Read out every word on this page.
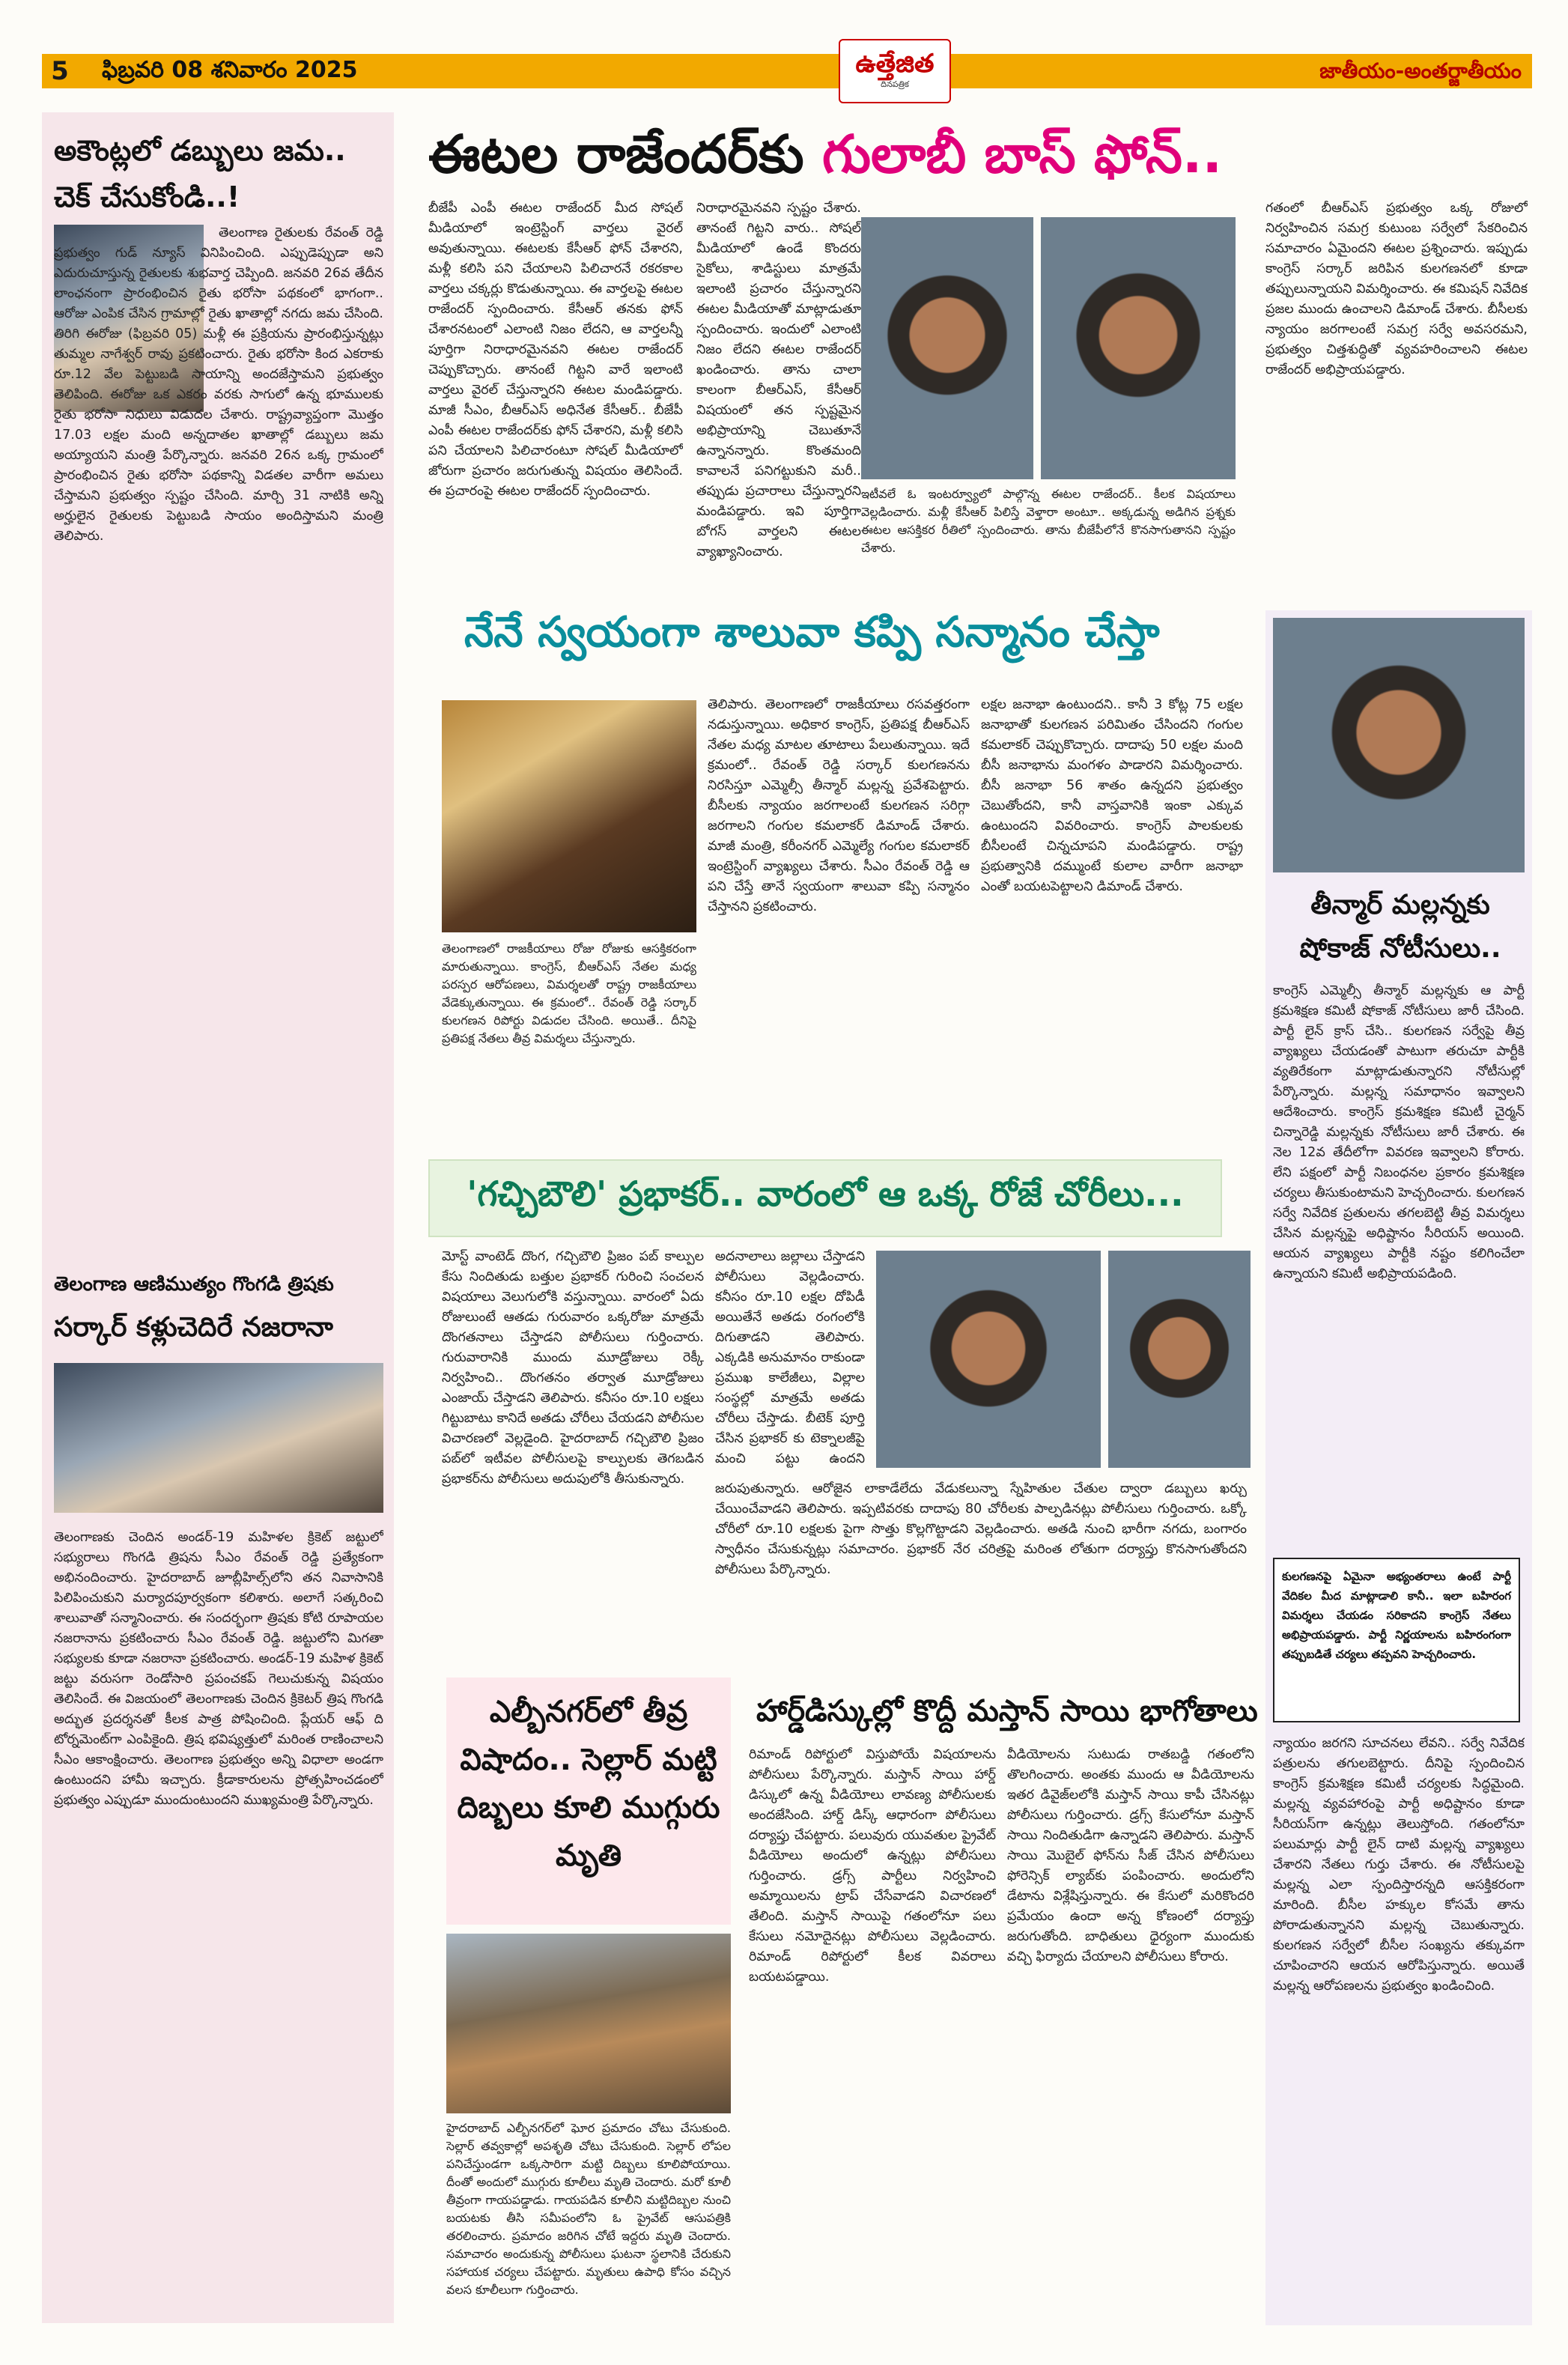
5	ఫిబ్రవరి 08 శనివారం 2025	ఉత్తేజిత
దినపత్రిక
జాతీయం-అంతర్జాతీయం
అకౌంట్లలో డబ్బులు జమ.. చెక్ చేసుకోండి..!
తెలంగాణ రైతులకు రేవంత్ రెడ్డి ప్రభుత్వం గుడ్ న్యూస్ వినిపించింది. ఎప్పుడెప్పుడా అని ఎదురుచూస్తున్న రైతులకు శుభవార్త చెప్పింది. జనవరి 26వ తేదీన లాంఛనంగా ప్రారంభించిన రైతు భరోసా పథకంలో భాగంగా.. ఆరోజు ఎంపిక చేసిన గ్రామాల్లో రైతు ఖాతాల్లో నగదు జమ చేసింది. తిరిగి ఈరోజు (ఫిబ్రవరి 05) మళ్లీ ఈ ప్రక్రియను ప్రారంభిస్తున్నట్లు తుమ్మల నాగేశ్వర్ రావు ప్రకటించారు. రైతు భరోసా కింద ఎకరాకు రూ.12 వేల పెట్టుబడి సాయాన్ని అందజేస్తామని ప్రభుత్వం తెలిపింది. ఈరోజు ఒక ఎకరం వరకు సాగులో ఉన్న భూములకు రైతు భరోసా నిధులు విడుదల చేశారు. రాష్ట్రవ్యాప్తంగా మొత్తం 17.03 లక్షల మంది అన్నదాతల ఖాతాల్లో డబ్బులు జమ అయ్యాయని మంత్రి పేర్కొన్నారు. జనవరి 26న ఒక్క గ్రామంలో ప్రారంభించిన రైతు భరోసా పథకాన్ని విడతల వారీగా అమలు చేస్తామని ప్రభుత్వం స్పష్టం చేసింది. మార్చి 31 నాటికి అన్ని అర్హులైన రైతులకు పెట్టుబడి సాయం అందిస్తామని మంత్రి తెలిపారు.
తెలంగాణ ఆణిముత్యం గొంగడి త్రిషకు
సర్కార్ కళ్లుచెదిరే నజరానా
తెలంగాణకు చెందిన అండర్-19 మహిళల క్రికెట్ జట్టులో సభ్యురాలు గొంగడి త్రిషను సీఎం రేవంత్ రెడ్డి ప్రత్యేకంగా అభినందించారు. హైదరాబాద్ జూబ్లీహిల్స్‌లోని తన నివాసానికి పిలిపించుకుని మర్యాదపూర్వకంగా కలిశారు. అలాగే సత్కరించి శాలువాతో సన్మానించారు. ఈ సందర్భంగా త్రిషకు కోటి రూపాయల నజరానాను ప్రకటించారు సీఎం రేవంత్ రెడ్డి. జట్టులోని మిగతా సభ్యులకు కూడా నజరానా ప్రకటించారు. అండర్-19 మహిళ క్రికెట్ జట్టు వరుసగా రెండోసారి ప్రపంచకప్ గెలుచుకున్న విషయం తెలిసిందే. ఈ విజయంలో తెలంగాణకు చెందిన క్రికెటర్ త్రిష గొంగడి అద్భుత ప్రదర్శనతో కీలక పాత్ర పోషించింది. ప్లేయర్ ఆఫ్ ది టోర్నమెంట్‌గా ఎంపికైంది. త్రిష భవిష్యత్తులో మరింత రాణించాలని సీఎం ఆకాంక్షించారు. తెలంగాణ ప్రభుత్వం అన్ని విధాలా అండగా ఉంటుందని హామీ ఇచ్చారు. క్రీడాకారులను ప్రోత్సహించడంలో ప్రభుత్వం ఎప్పుడూ ముందుంటుందని ముఖ్యమంత్రి పేర్కొన్నారు.
ఈటల రాజేందర్‌కు గులాబీ బాస్ ఫోన్..
బీజేపీ ఎంపీ ఈటల రాజేందర్ మీద సోషల్ మీడియాలో ఇంట్రెస్టింగ్ వార్తలు వైరల్ అవుతున్నాయి. ఈటలకు కేసీఆర్ ఫోన్ చేశారని, మళ్లీ కలిసి పని చేయాలని పిలిచారనే రకరకాల వార్తలు చక్కర్లు కొడుతున్నాయి. ఈ వార్తలపై ఈటల రాజేందర్ స్పందించారు. కేసీఆర్ తనకు ఫోన్ చేశారనటంలో ఎలాంటి నిజం లేదని, ఆ వార్తలన్నీ పూర్తిగా నిరాధారమైనవని ఈటల రాజేందర్ చెప్పుకొచ్చారు. తానంటే గిట్టని వారే ఇలాంటి వార్తలు వైరల్ చేస్తున్నారని ఈటల మండిపడ్డారు. మాజీ సీఎం, బీఆర్ఎస్ అధినేత కేసీఆర్.. బీజేపీ ఎంపీ ఈటల రాజేందర్‌కు ఫోన్ చేశారని, మళ్లీ కలిసి పని చేయాలని పిలిచారంటూ సోషల్ మీడియాలో జోరుగా ప్రచారం జరుగుతున్న విషయం తెలిసిందే. ఈ ప్రచారంపై ఈటల రాజేందర్ స్పందించారు.
నిరాధారమైనవని స్పష్టం చేశారు. తానంటే గిట్టని వారు.. సోషల్ మీడియాలో ఉండే కొందరు సైకోలు, శాడిస్టులు మాత్రమే ఇలాంటి ప్రచారం చేస్తున్నారని ఈటల మీడియాతో మాట్లాడుతూ స్పందించారు. ఇందులో ఎలాంటి నిజం లేదని ఈటల రాజేందర్ ఖండించారు. తాను చాలా కాలంగా బీఆర్ఎస్, కేసీఆర్ విషయంలో తన స్పష్టమైన అభిప్రాయాన్ని చెబుతూనే ఉన్నానన్నారు. కొంతమంది కావాలనే పనిగట్టుకుని మరీ.. తప్పుడు ప్రచారాలు చేస్తున్నారని మండిపడ్డారు. ఇవి పూర్తిగా బోగస్ వార్తలని ఈటల వ్యాఖ్యానించారు.
ఇటీవలే ఓ ఇంటర్వ్యూలో పాల్గొన్న ఈటల రాజేందర్.. కీలక విషయాలు వెల్లడించారు. మళ్లీ కేసీఆర్ పిలిస్తే వెళ్తారా అంటూ.. అక్కడున్న అడిగిన ప్రశ్నకు ఈటల ఆసక్తికర రీతిలో స్పందించారు. తాను బీజేపీలోనే కొనసాగుతానని స్పష్టం చేశారు.
గతంలో బీఆర్ఎస్ ప్రభుత్వం ఒక్క రోజులో నిర్వహించిన సమగ్ర కుటుంబ సర్వేలో సేకరించిన సమాచారం ఏమైందని ఈటల ప్రశ్నించారు. ఇప్పుడు కాంగ్రెస్ సర్కార్ జరిపిన కులగణనలో కూడా తప్పులున్నాయని విమర్శించారు. ఈ కమిషన్ నివేదిక ప్రజల ముందు ఉంచాలని డిమాండ్ చేశారు. బీసీలకు న్యాయం జరగాలంటే సమగ్ర సర్వే అవసరమని, ప్రభుత్వం చిత్తశుద్ధితో వ్యవహరించాలని ఈటల రాజేందర్ అభిప్రాయపడ్డారు.
నేనే స్వయంగా శాలువా కప్పి సన్మానం చేస్తా
తెలంగాణలో రాజకీయాలు రోజు రోజుకు ఆసక్తికరంగా మారుతున్నాయి. కాంగ్రెస్, బీఆర్ఎస్ నేతల మధ్య పరస్పర ఆరోపణలు, విమర్శలతో రాష్ట్ర రాజకీయాలు వేడెక్కుతున్నాయి. ఈ క్రమంలో.. రేవంత్ రెడ్డి సర్కార్ కులగణన రిపోర్టు విడుదల చేసింది. అయితే.. దీనిపై ప్రతిపక్ష నేతలు తీవ్ర విమర్శలు చేస్తున్నారు.
తెలిపారు. తెలంగాణలో రాజకీయాలు రసవత్తరంగా నడుస్తున్నాయి. అధికార కాంగ్రెస్, ప్రతిపక్ష బీఆర్ఎస్ నేతల మధ్య మాటల తూటాలు పేలుతున్నాయి. ఇదే క్రమంలో.. రేవంత్ రెడ్డి సర్కార్ కులగణనను నిరసిస్తూ ఎమ్మెల్సీ తీన్మార్ మల్లన్న ప్రవేశపెట్టారు. బీసీలకు న్యాయం జరగాలంటే కులగణన సరిగ్గా జరగాలని గంగుల కమలాకర్ డిమాండ్ చేశారు. మాజీ మంత్రి, కరీంనగర్ ఎమ్మెల్యే గంగుల కమలాకర్ ఇంట్రెస్టింగ్ వ్యాఖ్యలు చేశారు. సీఎం రేవంత్ రెడ్డి ఆ పని చేస్తే తానే స్వయంగా శాలువా కప్పి సన్మానం చేస్తానని ప్రకటించారు.
లక్షల జనాభా ఉంటుందని.. కానీ 3 కోట్ల 75 లక్షల జనాభాతో కులగణన పరిమితం చేసిందని గంగుల కమలాకర్ చెప్పుకొచ్చారు. దాదాపు 50 లక్షల మంది బీసీ జనాభాను మంగళం పాడారని విమర్శించారు. బీసీ జనాభా 56 శాతం ఉన్నదని ప్రభుత్వం చెబుతోందని, కానీ వాస్తవానికి ఇంకా ఎక్కువ ఉంటుందని వివరించారు. కాంగ్రెస్ పాలకులకు బీసీలంటే చిన్నచూపని మండిపడ్డారు. రాష్ట్ర ప్రభుత్వానికి దమ్ముంటే కులాల వారీగా జనాభా ఎంతో బయటపెట్టాలని డిమాండ్ చేశారు.
'గచ్చిబౌలి' ప్రభాకర్.. వారంలో ఆ ఒక్క రోజే చోరీలు...
మోస్ట్ వాంటెడ్ దొంగ, గచ్చిబౌలి ప్రిజం పబ్ కాల్పుల కేసు నిందితుడు బత్తుల ప్రభాకర్ గురించి సంచలన విషయాలు వెలుగులోకి వస్తున్నాయి. వారంలో ఏదు రోజులుంటే ఆతడు గురువారం ఒక్కరోజు మాత్రమే దొంగతనాలు చేస్తాడని పోలీసులు గుర్తించారు. గురువారానికి ముందు మూడ్రోజులు రెక్కీ నిర్వహించి.. దొంగతనం తర్వాత మూడ్రోజులు ఎంజాయ్ చేస్తాడని తెలిపారు. కనీసం రూ.10 లక్షలు గిట్టుబాటు కానిదే అతడు చోరీలు చేయడని పోలీసుల విచారణలో వెల్లడైంది. హైదరాబాద్ గచ్చిబౌలి ప్రిజం పబ్‌లో ఇటీవల పోలీసులపై కాల్పులకు తెగబడిన ప్రభాకర్‌ను పోలీసులు అదుపులోకి తీసుకున్నారు.
అదనాలాలు జల్లాలు చేస్తాడని పోలీసులు వెల్లడించారు. కనీసం రూ.10 లక్షల దోపిడీ అయితేనే అతడు రంగంలోకి దిగుతాడని తెలిపారు. ఎక్కడికి అనుమానం రాకుండా ప్రముఖ కాలేజీలు, విల్లాల సంస్థల్లో మాత్రమే అతడు చోరీలు చేస్తాడు. బీటెక్ పూర్తి చేసిన ప్రభాకర్ కు టెక్నాలజీపై మంచి పట్టు ఉందని
జరుపుతున్నారు. ఆరోజైన లాకాడేలేదు వేడుకలున్నా స్నేహితుల చేతుల ద్వారా డబ్బులు ఖర్చు చేయించేవాడని తెలిపారు. ఇప్పటివరకు దాదాపు 80 చోరీలకు పాల్పడినట్లు పోలీసులు గుర్తించారు. ఒక్కో చోరీలో రూ.10 లక్షలకు పైగా సొత్తు కొల్లగొట్టాడని వెల్లడించారు. అతడి నుంచి భారీగా నగదు, బంగారం స్వాధీనం చేసుకున్నట్లు సమాచారం. ప్రభాకర్ నేర చరిత్రపై మరింత లోతుగా దర్యాప్తు కొనసాగుతోందని పోలీసులు పేర్కొన్నారు.
ఎల్బీనగర్‌లో తీవ్ర విషాదం.. సెల్లార్ మట్టి దిబ్బలు కూలి ముగ్గురు మృతి
హైదరాబాద్ ఎల్బీనగర్‌లో ఘోర ప్రమాదం చోటు చేసుకుంది. సెల్లార్ తవ్వకాల్లో అపశృతి చోటు చేసుకుంది. సెల్లార్ లోపల పనిచేస్తుండగా ఒక్కసారిగా మట్టి దిబ్బలు కూలిపోయాయి. దీంతో అందులో ముగ్గురు కూలీలు మృతి చెందారు. మరో కూలీ తీవ్రంగా గాయపడ్డాడు. గాయపడిన కూలీని మట్టిదిబ్బల నుంచి బయటకు తీసి సమీపంలోని ఓ ప్రైవేట్ ఆసుపత్రికి తరలించారు. ప్రమాదం జరిగిన చోటే ఇద్దరు మృతి చెందారు. సమాచారం అందుకున్న పోలీసులు ఘటనా స్థలానికి చేరుకుని సహాయక చర్యలు చేపట్టారు. మృతులు ఉపాధి కోసం వచ్చిన వలస కూలీలుగా గుర్తించారు.
హార్డ్‌డిస్కుల్లో కొద్దీ మస్తాన్ సాయి భాగోతాలు
రిమాండ్ రిపోర్టులో విస్తుపోయే విషయాలను పోలీసులు పేర్కొన్నారు. మస్తాన్ సాయి హార్డ్ డిస్కులో ఉన్న వీడియోలు లావణ్య పోలీసులకు అందజేసింది. హార్డ్ డిస్క్ ఆధారంగా పోలీసులు దర్యాప్తు చేపట్టారు. పలువురు యువతుల ప్రైవేట్ వీడియోలు అందులో ఉన్నట్లు పోలీసులు గుర్తించారు. డ్రగ్స్ పార్టీలు నిర్వహించి అమ్మాయిలను ట్రాప్ చేసేవాడని విచారణలో తేలింది. మస్తాన్ సాయిపై గతంలోనూ పలు కేసులు నమోదైనట్లు పోలీసులు వెల్లడించారు. రిమాండ్ రిపోర్టులో కీలక వివరాలు బయటపడ్డాయి.
వీడియోలను సుటుడు రాతబడ్డి గతంలోని తొలగించారు. అంతకు ముందు ఆ వీడియోలను ఇతర డివైజ్‌లలోకి మస్తాన్ సాయి కాపీ చేసినట్లు పోలీసులు గుర్తించారు. డ్రగ్స్ కేసులోనూ మస్తాన్ సాయి నిందితుడిగా ఉన్నాడని తెలిపారు. మస్తాన్ సాయి మొబైల్ ఫోన్‌ను సీజ్ చేసిన పోలీసులు ఫోరెన్సిక్ ల్యాబ్‌కు పంపించారు. అందులోని డేటాను విశ్లేషిస్తున్నారు. ఈ కేసులో మరికొందరి ప్రమేయం ఉందా అన్న కోణంలో దర్యాప్తు జరుగుతోంది. బాధితులు ధైర్యంగా ముందుకు వచ్చి ఫిర్యాదు చేయాలని పోలీసులు కోరారు.
తీన్మార్ మల్లన్నకు షోకాజ్ నోటీసులు..
కాంగ్రెస్ ఎమ్మెల్సీ తీన్మార్ మల్లన్నకు ఆ పార్టీ క్రమశిక్షణ కమిటీ షోకాజ్ నోటీసులు జారీ చేసింది. పార్టీ లైన్ క్రాస్ చేసి.. కులగణన సర్వేపై తీవ్ర వ్యాఖ్యలు చేయడంతో పాటుగా తరుచూ పార్టీకి వ్యతిరేకంగా మాట్లాడుతున్నారని నోటీసుల్లో పేర్కొన్నారు. మల్లన్న సమాధానం ఇవ్వాలని ఆదేశించారు. కాంగ్రెస్ క్రమశిక్షణ కమిటీ చైర్మన్ చిన్నారెడ్డి మల్లన్నకు నోటీసులు జారీ చేశారు. ఈ నెల 12వ తేదీలోగా వివరణ ఇవ్వాలని కోరారు. లేని పక్షంలో పార్టీ నిబంధనల ప్రకారం క్రమశిక్షణ చర్యలు తీసుకుంటామని హెచ్చరించారు. కులగణన సర్వే నివేదిక ప్రతులను తగలబెట్టి తీవ్ర విమర్శలు చేసిన మల్లన్నపై అధిష్టానం సీరియస్ అయింది. ఆయన వ్యాఖ్యలు పార్టీకి నష్టం కలిగించేలా ఉన్నాయని కమిటీ అభిప్రాయపడింది.
కులగణనపై ఏమైనా అభ్యంతరాలు ఉంటే పార్టీ వేదికల మీద మాట్లాడాలి కానీ.. ఇలా బహిరంగ విమర్శలు చేయడం సరికాదని కాంగ్రెస్ నేతలు అభిప్రాయపడ్డారు. పార్టీ నిర్ణయాలను బహిరంగంగా తప్పుబడితే చర్యలు తప్పవని హెచ్చరించారు.
న్యాయం జరగని సూచనలు లేవని.. సర్వే నివేదిక పత్రులను తగులబెట్టారు. దీనిపై స్పందించిన కాంగ్రెస్ క్రమశిక్షణ కమిటీ చర్యలకు సిద్ధమైంది. మల్లన్న వ్యవహారంపై పార్టీ అధిష్టానం కూడా సీరియస్‌గా ఉన్నట్లు తెలుస్తోంది. గతంలోనూ పలుమార్లు పార్టీ లైన్ దాటి మల్లన్న వ్యాఖ్యలు చేశారని నేతలు గుర్తు చేశారు. ఈ నోటీసులపై మల్లన్న ఎలా స్పందిస్తారన్నది ఆసక్తికరంగా మారింది. బీసీల హక్కుల కోసమే తాను పోరాడుతున్నానని మల్లన్న చెబుతున్నారు. కులగణన సర్వేలో బీసీల సంఖ్యను తక్కువగా చూపించారని ఆయన ఆరోపిస్తున్నారు. అయితే మల్లన్న ఆరోపణలను ప్రభుత్వం ఖండించింది.
